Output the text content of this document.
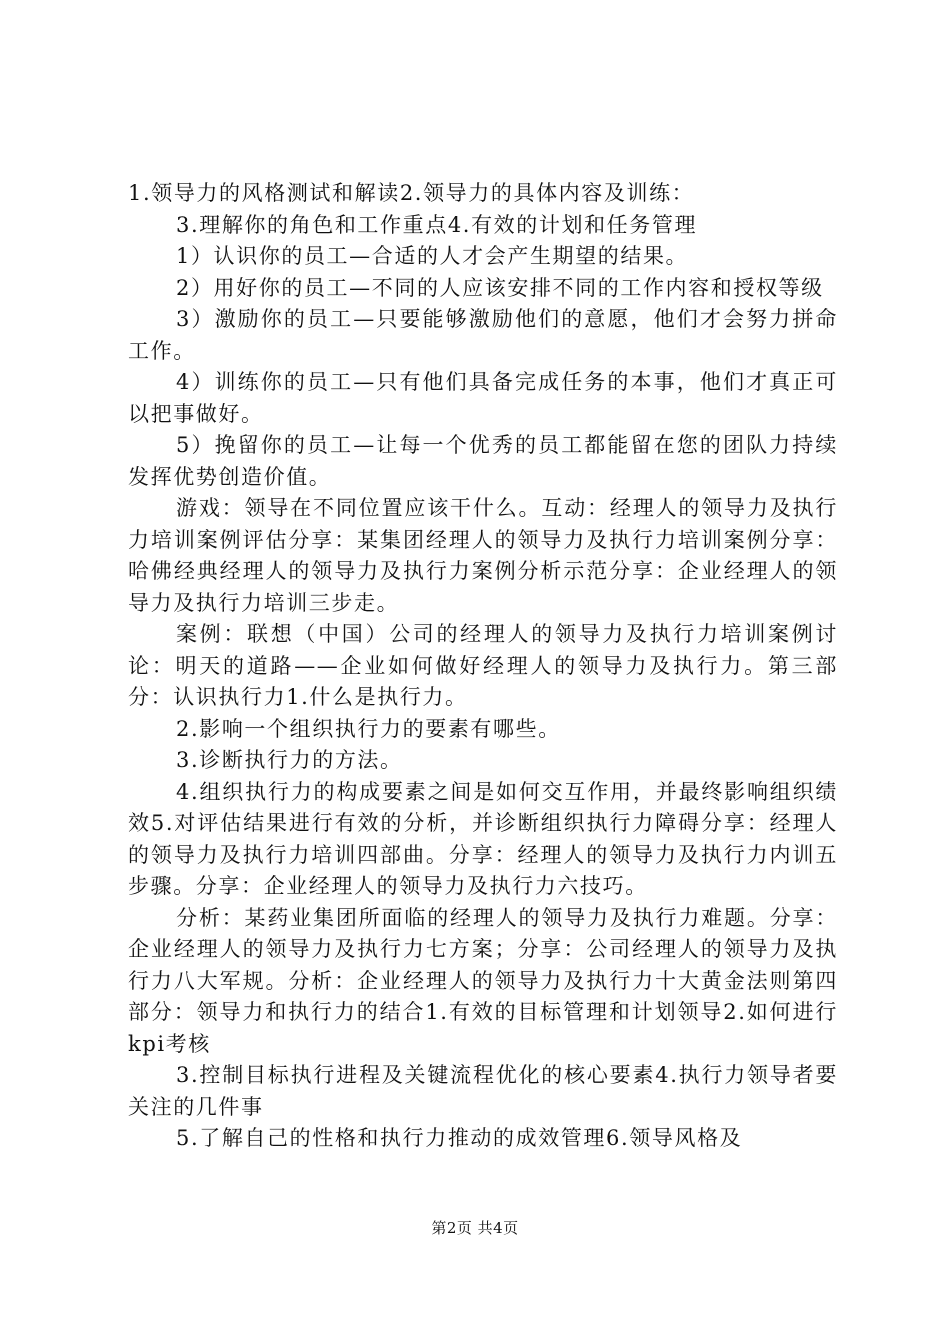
1.领导力的风格测试和解读2.领导力的具体内容及训练：

3.理解你的角色和工作重点4.有效的计划和任务管理

1）认识你的员工—合适的人才会产生期望的结果。

2）用好你的员工—不同的人应该安排不同的工作内容和授权等级

3）激励你的员工—只要能够激励他们的意愿，他们才会努力拼命工作。

4）训练你的员工—只有他们具备完成任务的本事，他们才真正可以把事做好。

5）挽留你的员工—让每一个优秀的员工都能留在您的团队力持续发挥优势创造价值。

游戏：领导在不同位置应该干什么。互动：经理人的领导力及执行力培训案例评估分享：某集团经理人的领导力及执行力培训案例分享：哈佛经典经理人的领导力及执行力案例分析示范分享：企业经理人的领导力及执行力培训三步走。

案例：联想（中国）公司的经理人的领导力及执行力培训案例讨论：明天的道路——企业如何做好经理人的领导力及执行力。第三部分：认识执行力1.什么是执行力。

2.影响一个组织执行力的要素有哪些。

3.诊断执行力的方法。

4.组织执行力的构成要素之间是如何交互作用，并最终影响组织绩效5.对评估结果进行有效的分析，并诊断组织执行力障碍分享：经理人的领导力及执行力培训四部曲。分享：经理人的领导力及执行力内训五步骤。分享：企业经理人的领导力及执行力六技巧。

分析：某药业集团所面临的经理人的领导力及执行力难题。分享：企业经理人的领导力及执行力七方案；分享：公司经理人的领导力及执行力八大军规。分析：企业经理人的领导力及执行力十大黄金法则第四部分：领导力和执行力的结合1.有效的目标管理和计划领导2.如何进行kpi考核

3.控制目标执行进程及关键流程优化的核心要素4.执行力领导者要关注的几件事

5.了解自己的性格和执行力推动的成效管理6.领导风格及

第2页 共4页
